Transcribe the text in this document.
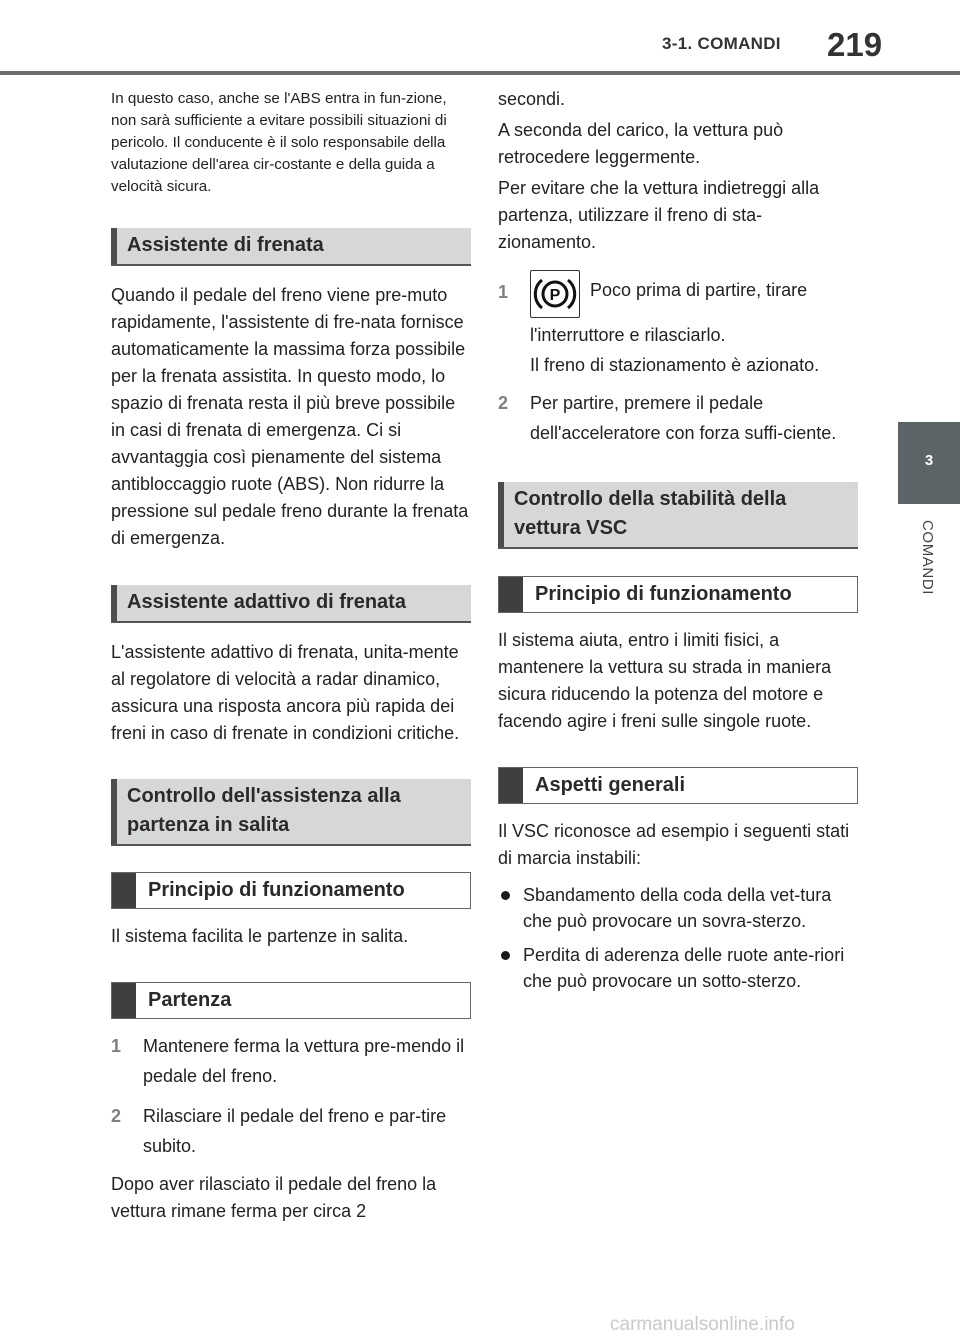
3-1. COMANDI 219
3
COMANDI

In questo caso, anche se l'ABS entra in fun-zione, non sarà sufficiente a evitare possibili situazioni di pericolo. Il conducente è il solo responsabile della valutazione dell'area cir-costante e della guida a velocità sicura.

Assistente di frenata

Quando il pedale del freno viene pre-muto rapidamente, l'assistente di fre-nata fornisce automaticamente la massima forza possibile per la frenata assistita. In questo modo, lo spazio di frenata resta il più breve possibile in casi di frenata di emergenza. Ci si avvantaggia così pienamente del sistema antibloccaggio ruote (ABS). Non ridurre la pressione sul pedale freno durante la frenata di emergenza.

Assistente adattivo di frenata

L'assistente adattivo di frenata, unita-mente al regolatore di velocità a radar dinamico, assicura una risposta ancora più rapida dei freni in caso di frenate in condizioni critiche.

Controllo dell'assistenza alla partenza in salita
Principio di funzionamento

Il sistema facilita le partenze in salita.

Partenza

1 Mantenere ferma la vettura pre-mendo il pedale del freno.

2 Rilasciare il pedale del freno e par-tire subito.

Dopo aver rilasciato il pedale del freno la vettura rimane ferma per circa 2

secondi.

A seconda del carico, la vettura può retrocedere leggermente.

Per evitare che la vettura indietreggi alla partenza, utilizzare il freno di sta-zionamento.

1	P Poco prima di partire, tirare
l'interruttore e rilasciarlo.
Il freno di stazionamento è azionato.

2 Per partire, premere il pedale dell'acceleratore con forza suffi-ciente.

Controllo della stabilità della vettura VSC
Principio di funzionamento

Il sistema aiuta, entro i limiti fisici, a mantenere la vettura su strada in maniera sicura riducendo la potenza del motore e facendo agire i freni sulle singole ruote.

Aspetti generali

Il VSC riconosce ad esempio i seguenti stati di marcia instabili:

Sbandamento della coda della vet-tura che può provocare un sovra-sterzo.

Perdita di aderenza delle ruote ante-riori che può provocare un sotto-sterzo.

carmanualsonline.info
